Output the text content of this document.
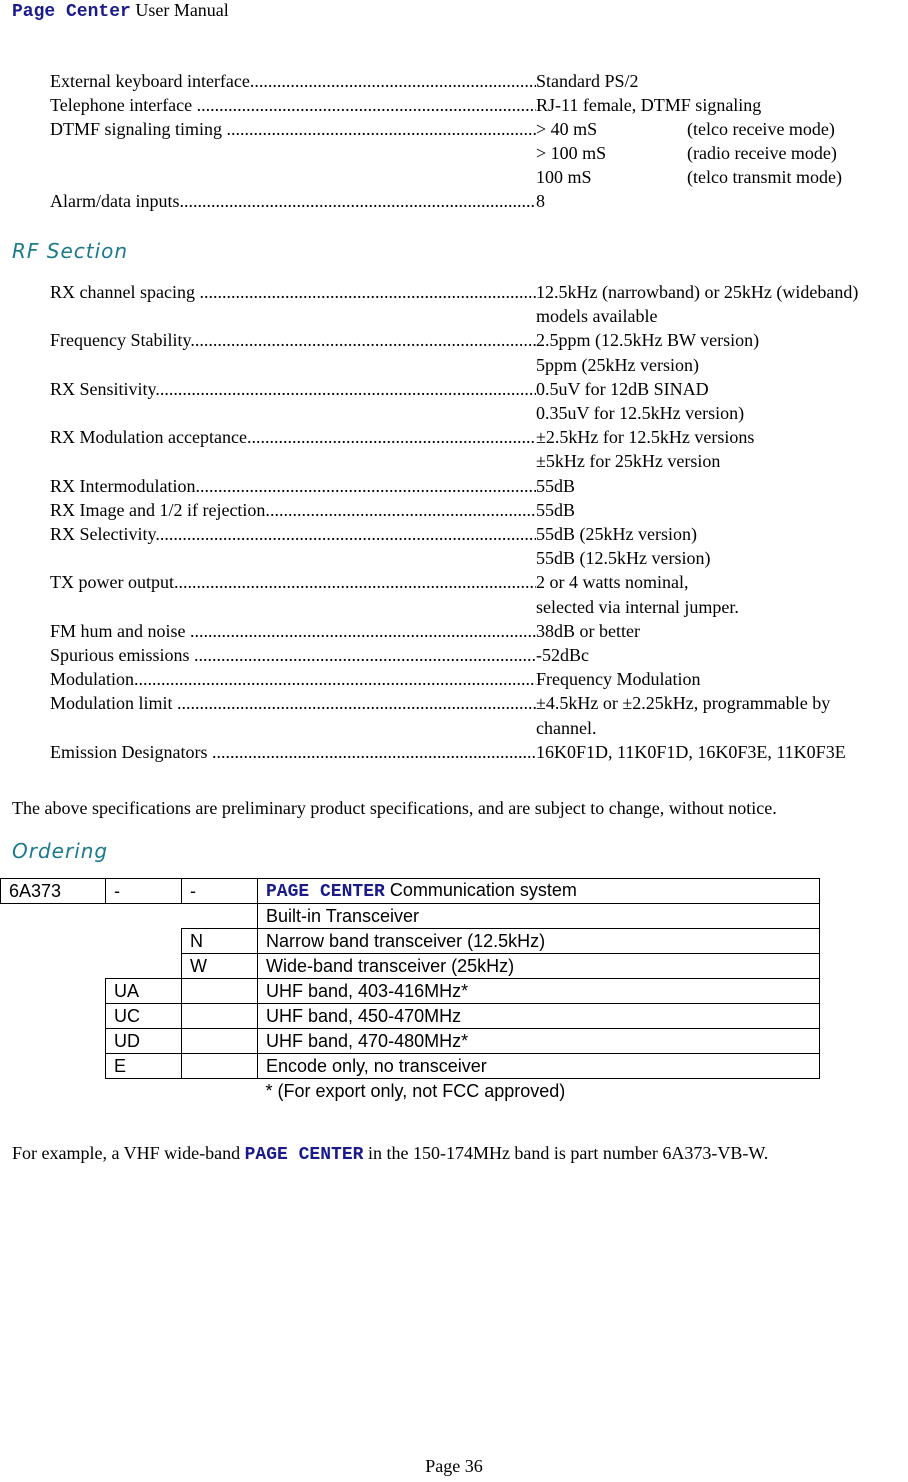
Page Center User Manual
External keyboard interface .....	Standard PS/2
Telephone interface .....	RJ-11 female, DTMF signaling
DTMF signaling timing .....	> 40 mS	(telco receive mode)
> 100 mS	(radio receive mode)
100 mS	(telco transmit mode)
Alarm/data inputs .....	8
RF Section
RX channel spacing .....	12.5kHz (narrowband) or 25kHz (wideband)
models available
Frequency Stability .....	2.5ppm (12.5kHz BW version)
5ppm (25kHz version)
RX Sensitivity .....	0.5uV for 12dB SINAD
0.35uV for 12.5kHz version)
RX Modulation acceptance .....	±2.5kHz for 12.5kHz versions
±5kHz for 25kHz version
RX Intermodulation .....	55dB
RX Image and 1/2 if rejection. .....	55dB
RX Selectivity .....	55dB (25kHz version)
55dB (12.5kHz version)
TX power output .....	2 or 4 watts nominal,
selected via internal jumper.
FM hum and noise .....	38dB or better
Spurious emissions .....	-52dBc
Modulation .....	Frequency Modulation
Modulation limit .....	±4.5kHz or ±2.25kHz, programmable by
channel.
Emission Designators .....	16K0F1D, 11K0F1D, 16K0F3E, 11K0F3E
The above specifications are preliminary product specifications, and are subject to change, without notice.
Ordering
6A373	-	-	PAGE CENTER Communication system
			Built-in Transceiver
		N	Narrow band transceiver (12.5kHz)
		W	Wide-band transceiver (25kHz)
	UA		UHF band, 403-416MHz*
	UC		UHF band, 450-470MHz
	UD		UHF band, 470-480MHz*
	E		Encode only, no transceiver
			* (For export only, not FCC approved)
For example, a VHF wide-band PAGE CENTER in the 150-174MHz band is part number 6A373-VB-W.
Page 36
